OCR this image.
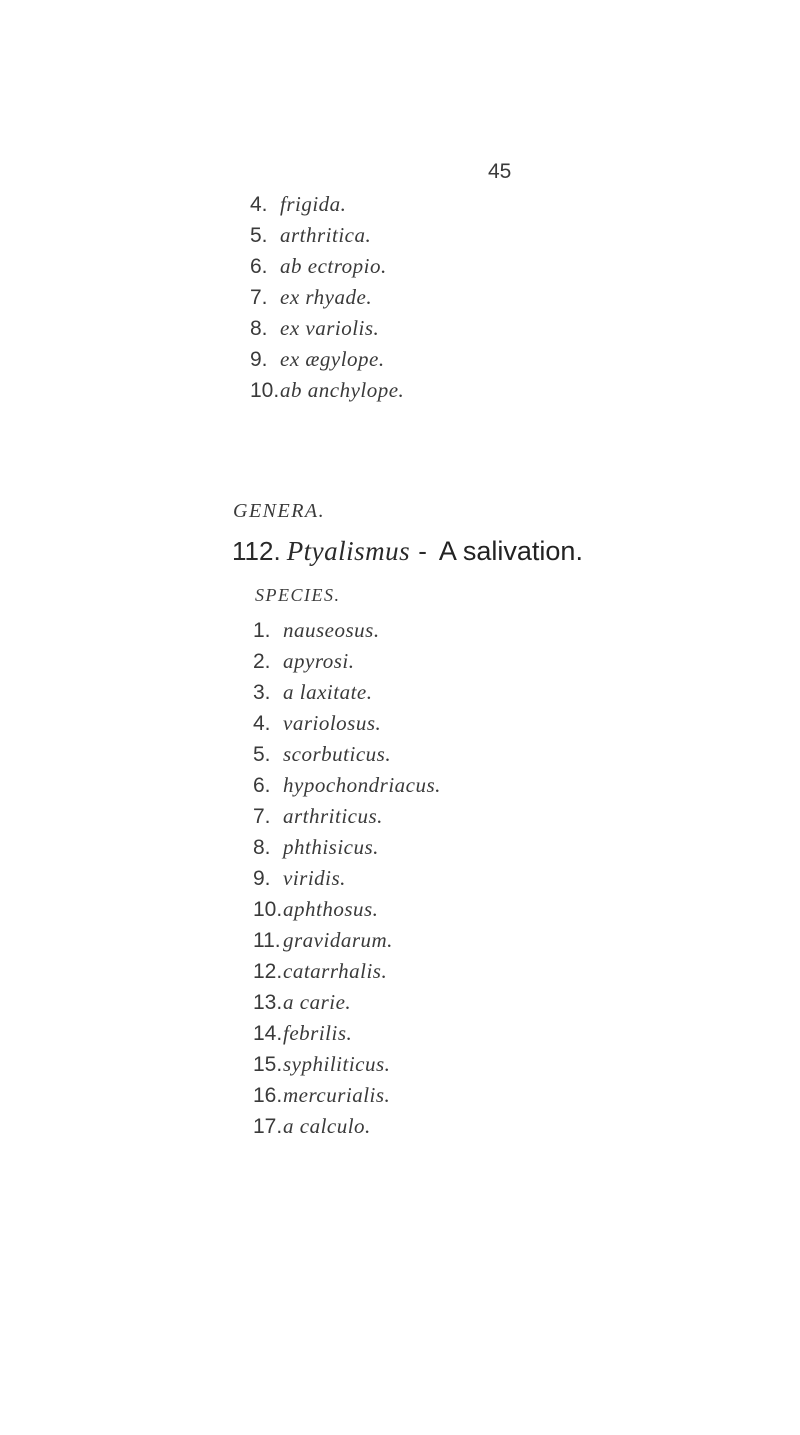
45
4. frigida.
5. arthritica.
6. ab ectropio.
7. ex rhyade.
8. ex variolis.
9. ex ægylope.
10.ab anchylope.
GENERA.
112. Ptyalismus - A salivation.
SPECIES.
1. nauseosus.
2. apyrosi.
3. a laxitate.
4. variolosus.
5. scorbuticus.
6. hypochondriacus.
7. arthriticus.
8. phthisicus.
9. viridis.
10.aphthosus.
11. gravidarum.
12.catarrhalis.
13.a carie.
14.febrilis.
15.syphiliticus.
16.mercurialis.
17.a calculo.
